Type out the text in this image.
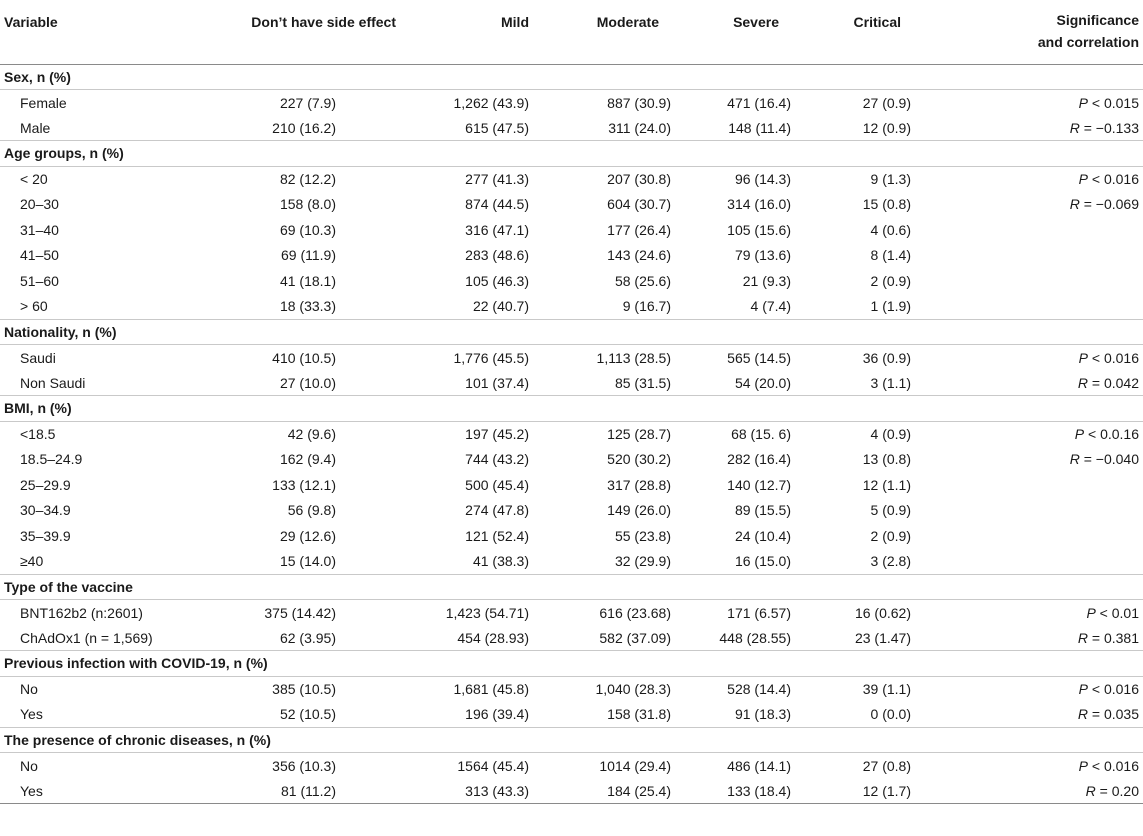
Variable	Don’t have side effect	Mild	Moderate	Severe	Critical	Significance
and correlation
Sex, n (%)						
Female	227 (7.9)	1,262 (43.9)	887 (30.9)	471 (16.4)	27 (0.9)	P < 0.015
Male	210 (16.2)	615 (47.5)	311 (24.0)	148 (11.4)	12 (0.9)	R = −0.133
Age groups, n (%)						
< 20	82 (12.2)	277 (41.3)	207 (30.8)	96 (14.3)	9 (1.3)	P < 0.016
20–30	158 (8.0)	874 (44.5)	604 (30.7)	314 (16.0)	15 (0.8)	R = −0.069
31–40	69 (10.3)	316 (47.1)	177 (26.4)	105 (15.6)	4 (0.6)	
41–50	69 (11.9)	283 (48.6)	143 (24.6)	79 (13.6)	8 (1.4)	
51–60	41 (18.1)	105 (46.3)	58 (25.6)	21 (9.3)	2 (0.9)	
> 60	18 (33.3)	22 (40.7)	9 (16.7)	4 (7.4)	1 (1.9)	
Nationality, n (%)						
Saudi	410 (10.5)	1,776 (45.5)	1,113 (28.5)	565 (14.5)	36 (0.9)	P < 0.016
Non Saudi	27 (10.0)	101 (37.4)	85 (31.5)	54 (20.0)	3 (1.1)	R = 0.042
BMI, n (%)						
<18.5	42 (9.6)	197 (45.2)	125 (28.7)	68 (15. 6)	4 (0.9)	P < 0.0.16
18.5–24.9	162 (9.4)	744 (43.2)	520 (30.2)	282 (16.4)	13 (0.8)	R = −0.040
25–29.9	133 (12.1)	500 (45.4)	317 (28.8)	140 (12.7)	12 (1.1)	
30–34.9	56 (9.8)	274 (47.8)	149 (26.0)	89 (15.5)	5 (0.9)	
35–39.9	29 (12.6)	121 (52.4)	55 (23.8)	24 (10.4)	2 (0.9)	
≥40	15 (14.0)	41 (38.3)	32 (29.9)	16 (15.0)	3 (2.8)	
Type of the vaccine						
BNT162b2 (n:2601)	375 (14.42)	1,423 (54.71)	616 (23.68)	171 (6.57)	16 (0.62)	P < 0.01
ChAdOx1 (n = 1,569)	62 (3.95)	454 (28.93)	582 (37.09)	448 (28.55)	23 (1.47)	R = 0.381
Previous infection with COVID-19, n (%)						
No	385 (10.5)	1,681 (45.8)	1,040 (28.3)	528 (14.4)	39 (1.1)	P < 0.016
Yes	52 (10.5)	196 (39.4)	158 (31.8)	91 (18.3)	0 (0.0)	R = 0.035
The presence of chronic diseases, n (%)						
No	356 (10.3)	1564 (45.4)	1014 (29.4)	486 (14.1)	27 (0.8)	P < 0.016
Yes	81 (11.2)	313 (43.3)	184 (25.4)	133 (18.4)	12 (1.7)	R = 0.20
